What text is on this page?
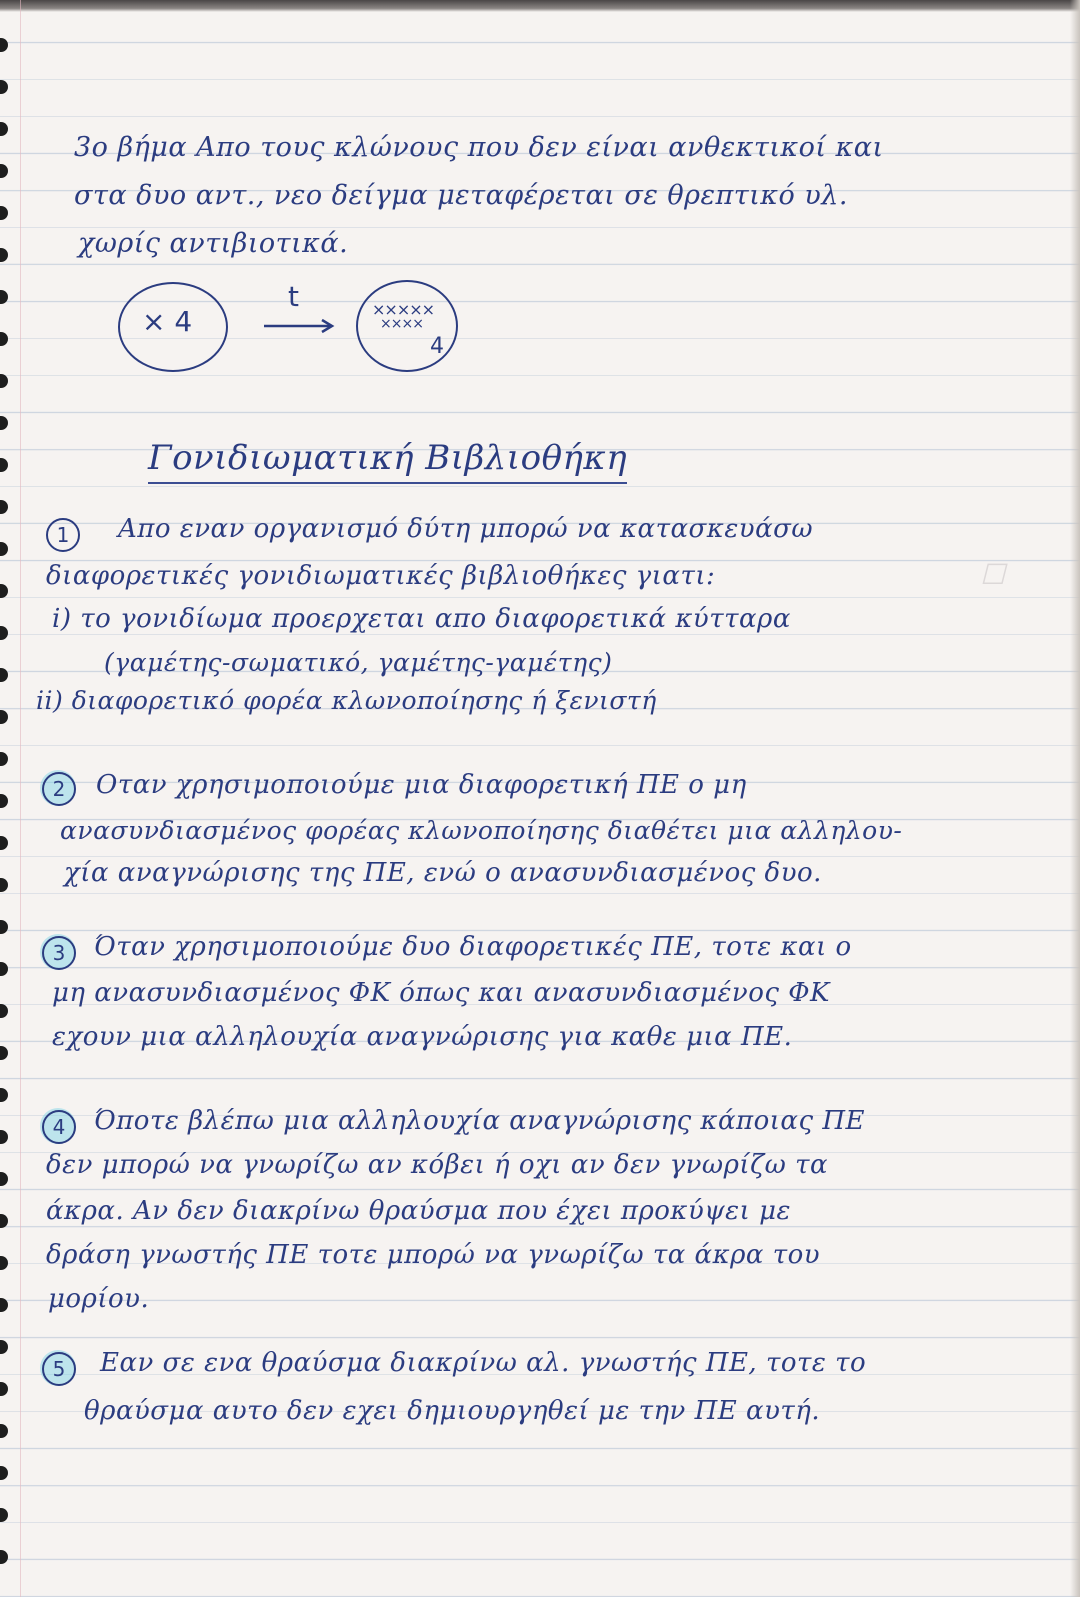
3ο βήμα Απο τους κλώνους που δεν είναι ανθεκτικοί και
στα δυο αντ., νεο δείγμα μεταφέρεται σε θρεπτικό υλ.
χωρίς αντιβιοτικά.
× 4
t	×××××
××××
4
Γονιδιωματική Βιβλιοθήκη
☐
1	Απο εναν οργανισμό δύτη μπορώ να κατασκευάσω
διαφορετικές γονιδιωματικές βιβλιοθήκες γιατι:
i) το γονιδίωμα προερχεται απο διαφορετικά κύτταρα
(γαμέτης-σωματικό, γαμέτης-γαμέτης)
ii) διαφορετικό φορέα κλωνοποίησης ή ξενιστή
2	Οταν χρησιμοποιούμε μια διαφορετική ΠΕ ο μη
ανασυνδιασμένος φορέας κλωνοποίησης διαθέτει μια αλληλου-
χία αναγνώρισης της ΠΕ, ενώ ο ανασυνδιασμένος δυο.
3	Όταν χρησιμοποιούμε δυο διαφορετικές ΠΕ, τοτε και ο
μη ανασυνδιασμένος ΦΚ όπως και ανασυνδιασμένος ΦΚ
εχουν μια αλληλουχία αναγνώρισης για καθε μια ΠΕ.
4	Όποτε βλέπω μια αλληλουχία αναγνώρισης κάποιας ΠΕ
δεν μπορώ να γνωρίζω αν κόβει ή οχι αν δεν γνωρίζω τα
άκρα. Αν δεν διακρίνω θραύσμα που έχει προκύψει με
δράση γνωστής ΠΕ τοτε μπορώ να γνωρίζω τα άκρα του
μορίου.
5	Εαν σε ενα θραύσμα διακρίνω αλ. γνωστής ΠΕ, τοτε το
θραύσμα αυτο δεν εχει δημιουργηθεί με την ΠΕ αυτή.
